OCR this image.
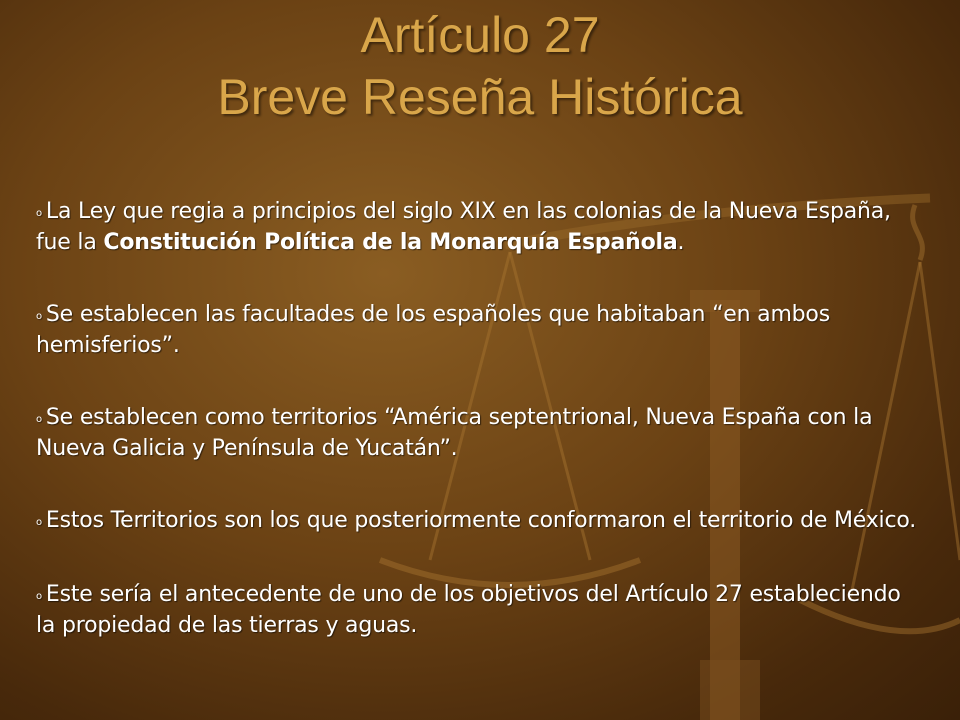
Artículo 27
Breve Reseña Histórica
o La Ley que regia a principios del siglo XIX en las colonias de la Nueva España, fue la Constitución Política de la Monarquía Española.
o Se establecen las facultades de los españoles que habitaban “en ambos hemisferios”.
o Se establecen como territorios “América septentrional, Nueva España con la Nueva Galicia y Península de Yucatán”.
o Estos Territorios son los que posteriormente conformaron el territorio de México.
o Este sería el antecedente de uno de los objetivos del Artículo 27 estableciendo la propiedad de las tierras y aguas.
